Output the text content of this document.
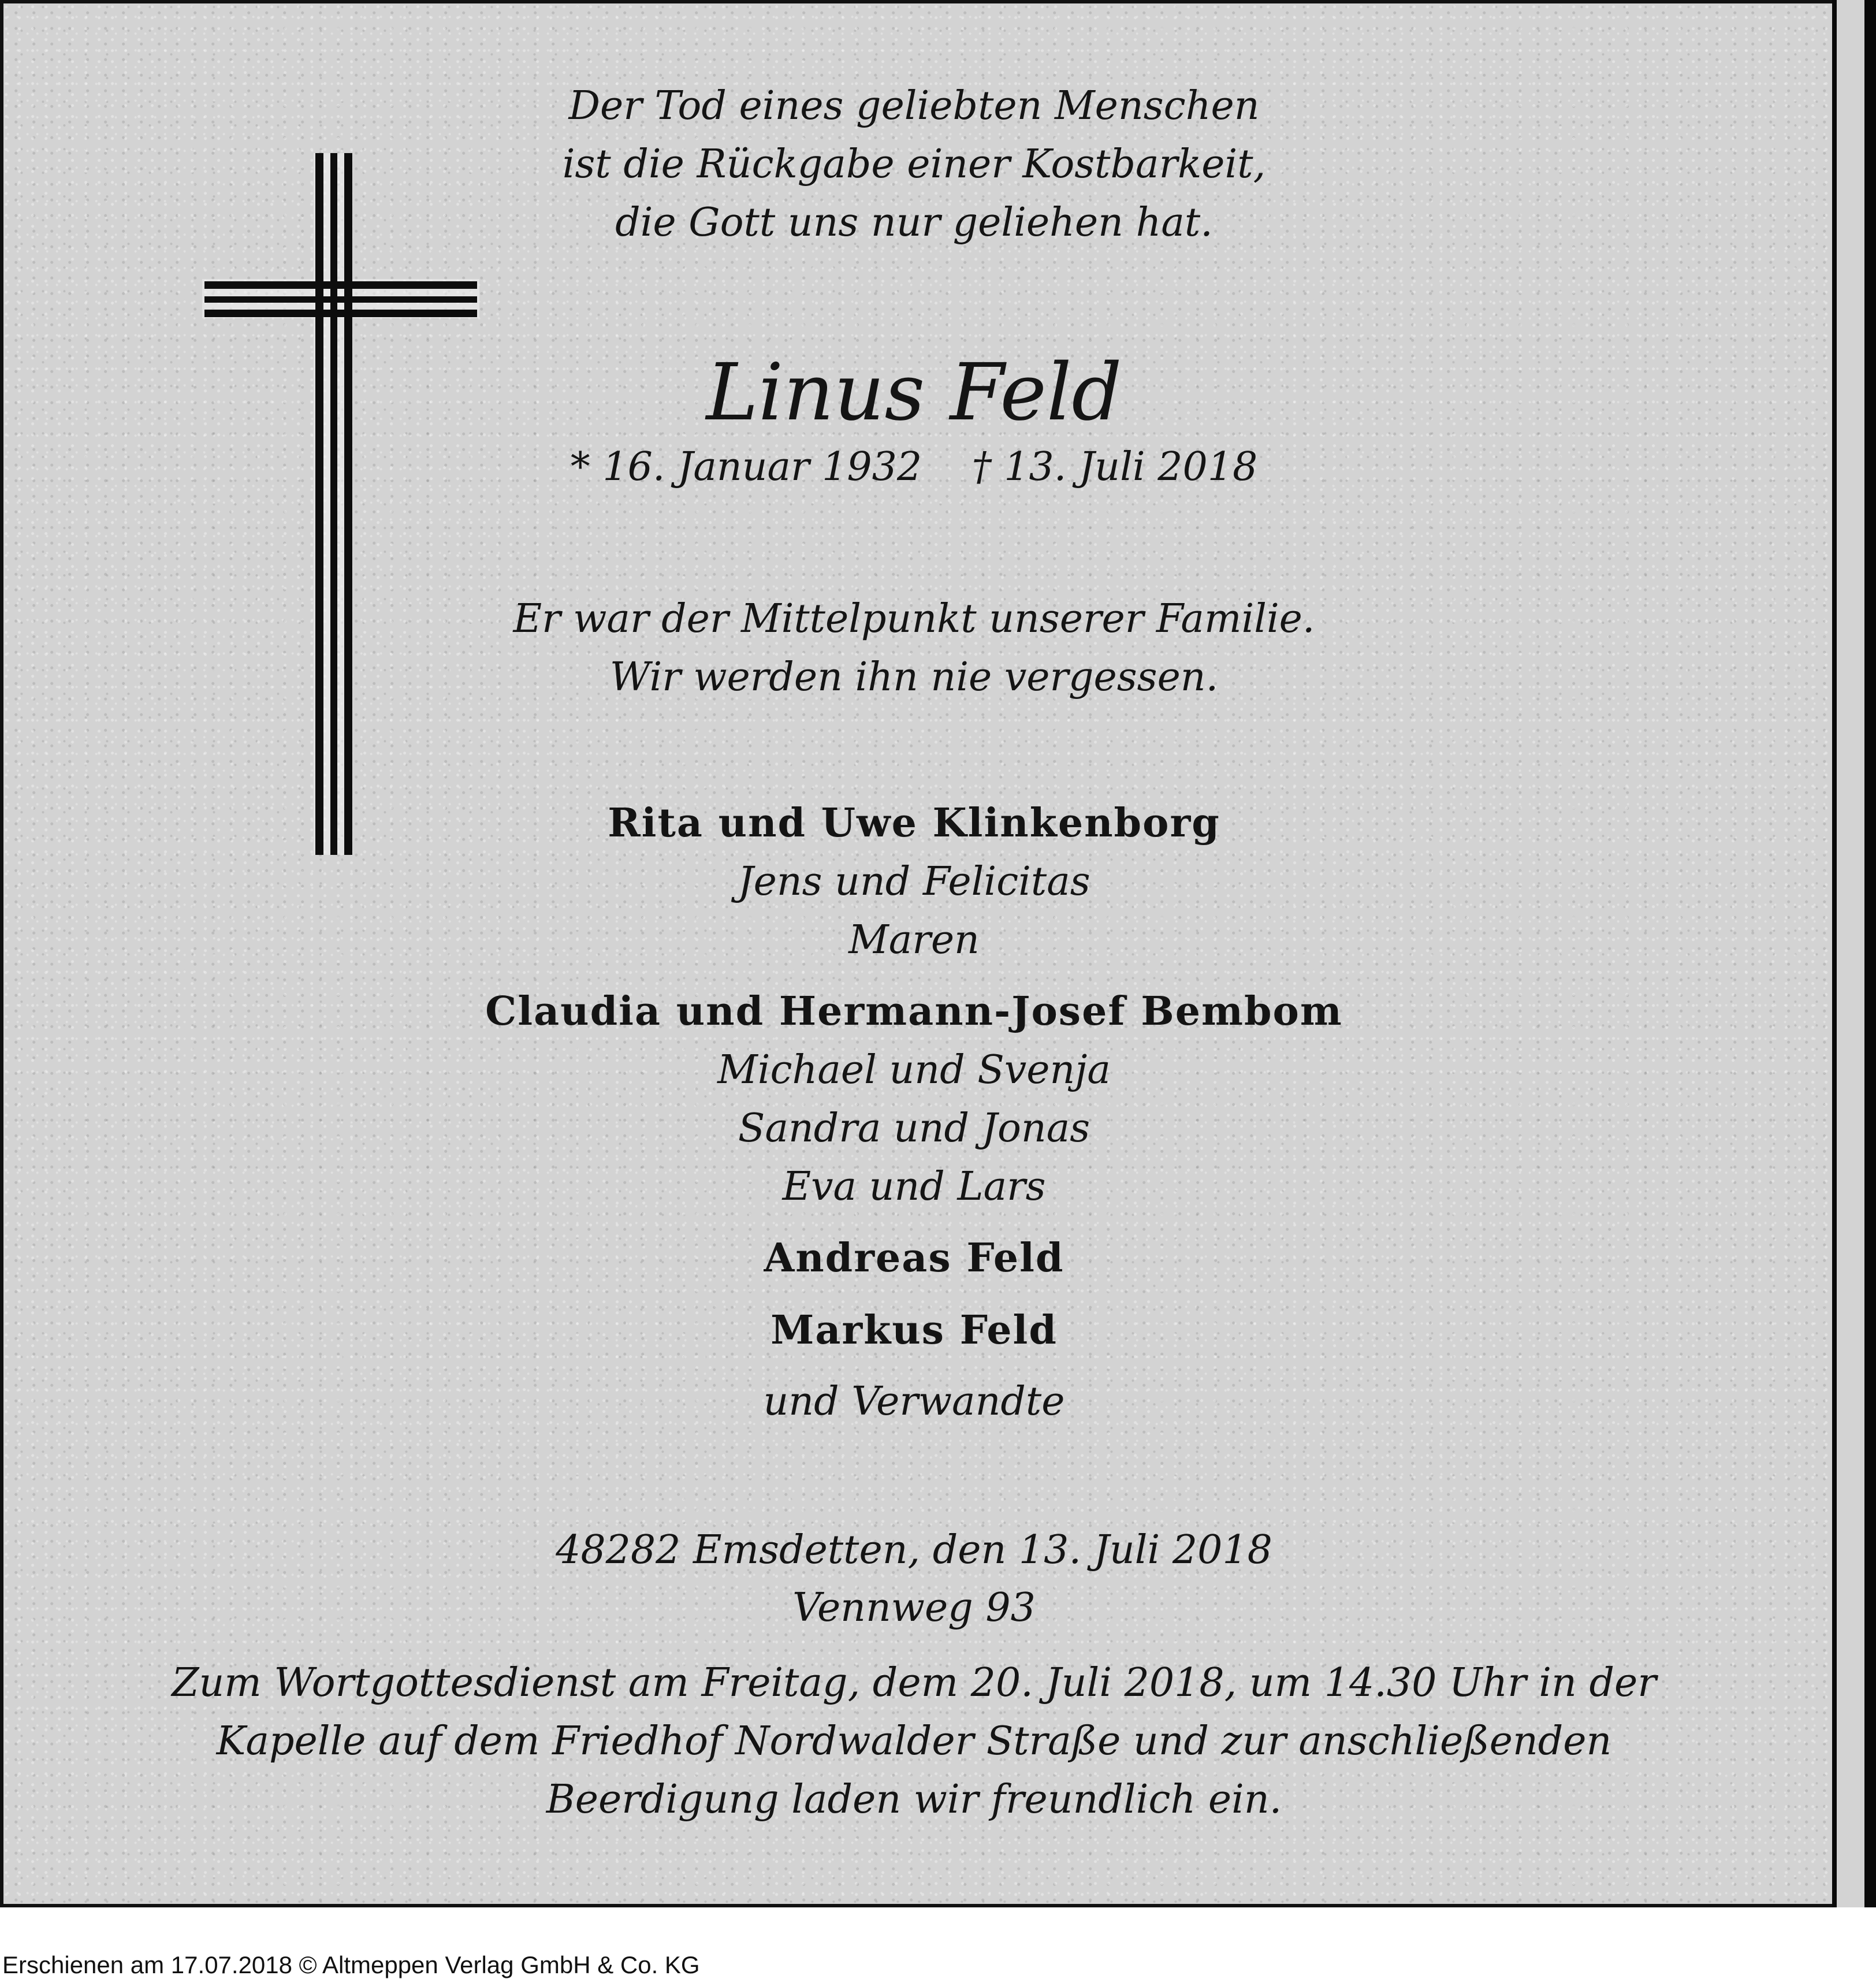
Der Tod eines geliebten Menschen
ist die Rückgabe einer Kostbarkeit,
die Gott uns nur geliehen hat.
Linus Feld
* 16. Januar 1932    † 13. Juli 2018
Er war der Mittelpunkt unserer Familie.
Wir werden ihn nie vergessen.
Rita und Uwe Klinkenborg
Jens und Felicitas
Maren
Claudia und Hermann-Josef Bembom
Michael und Svenja
Sandra und Jonas
Eva und Lars
Andreas Feld
Markus Feld
und Verwandte
48282 Emsdetten, den 13. Juli 2018
Vennweg 93
Zum Wortgottesdienst am Freitag, dem 20. Juli 2018, um 14.30 Uhr in der
Kapelle auf dem Friedhof Nordwalder Straße und zur anschließenden
Beerdigung laden wir freundlich ein.
Erschienen am 17.07.2018 © Altmeppen Verlag GmbH & Co. KG
